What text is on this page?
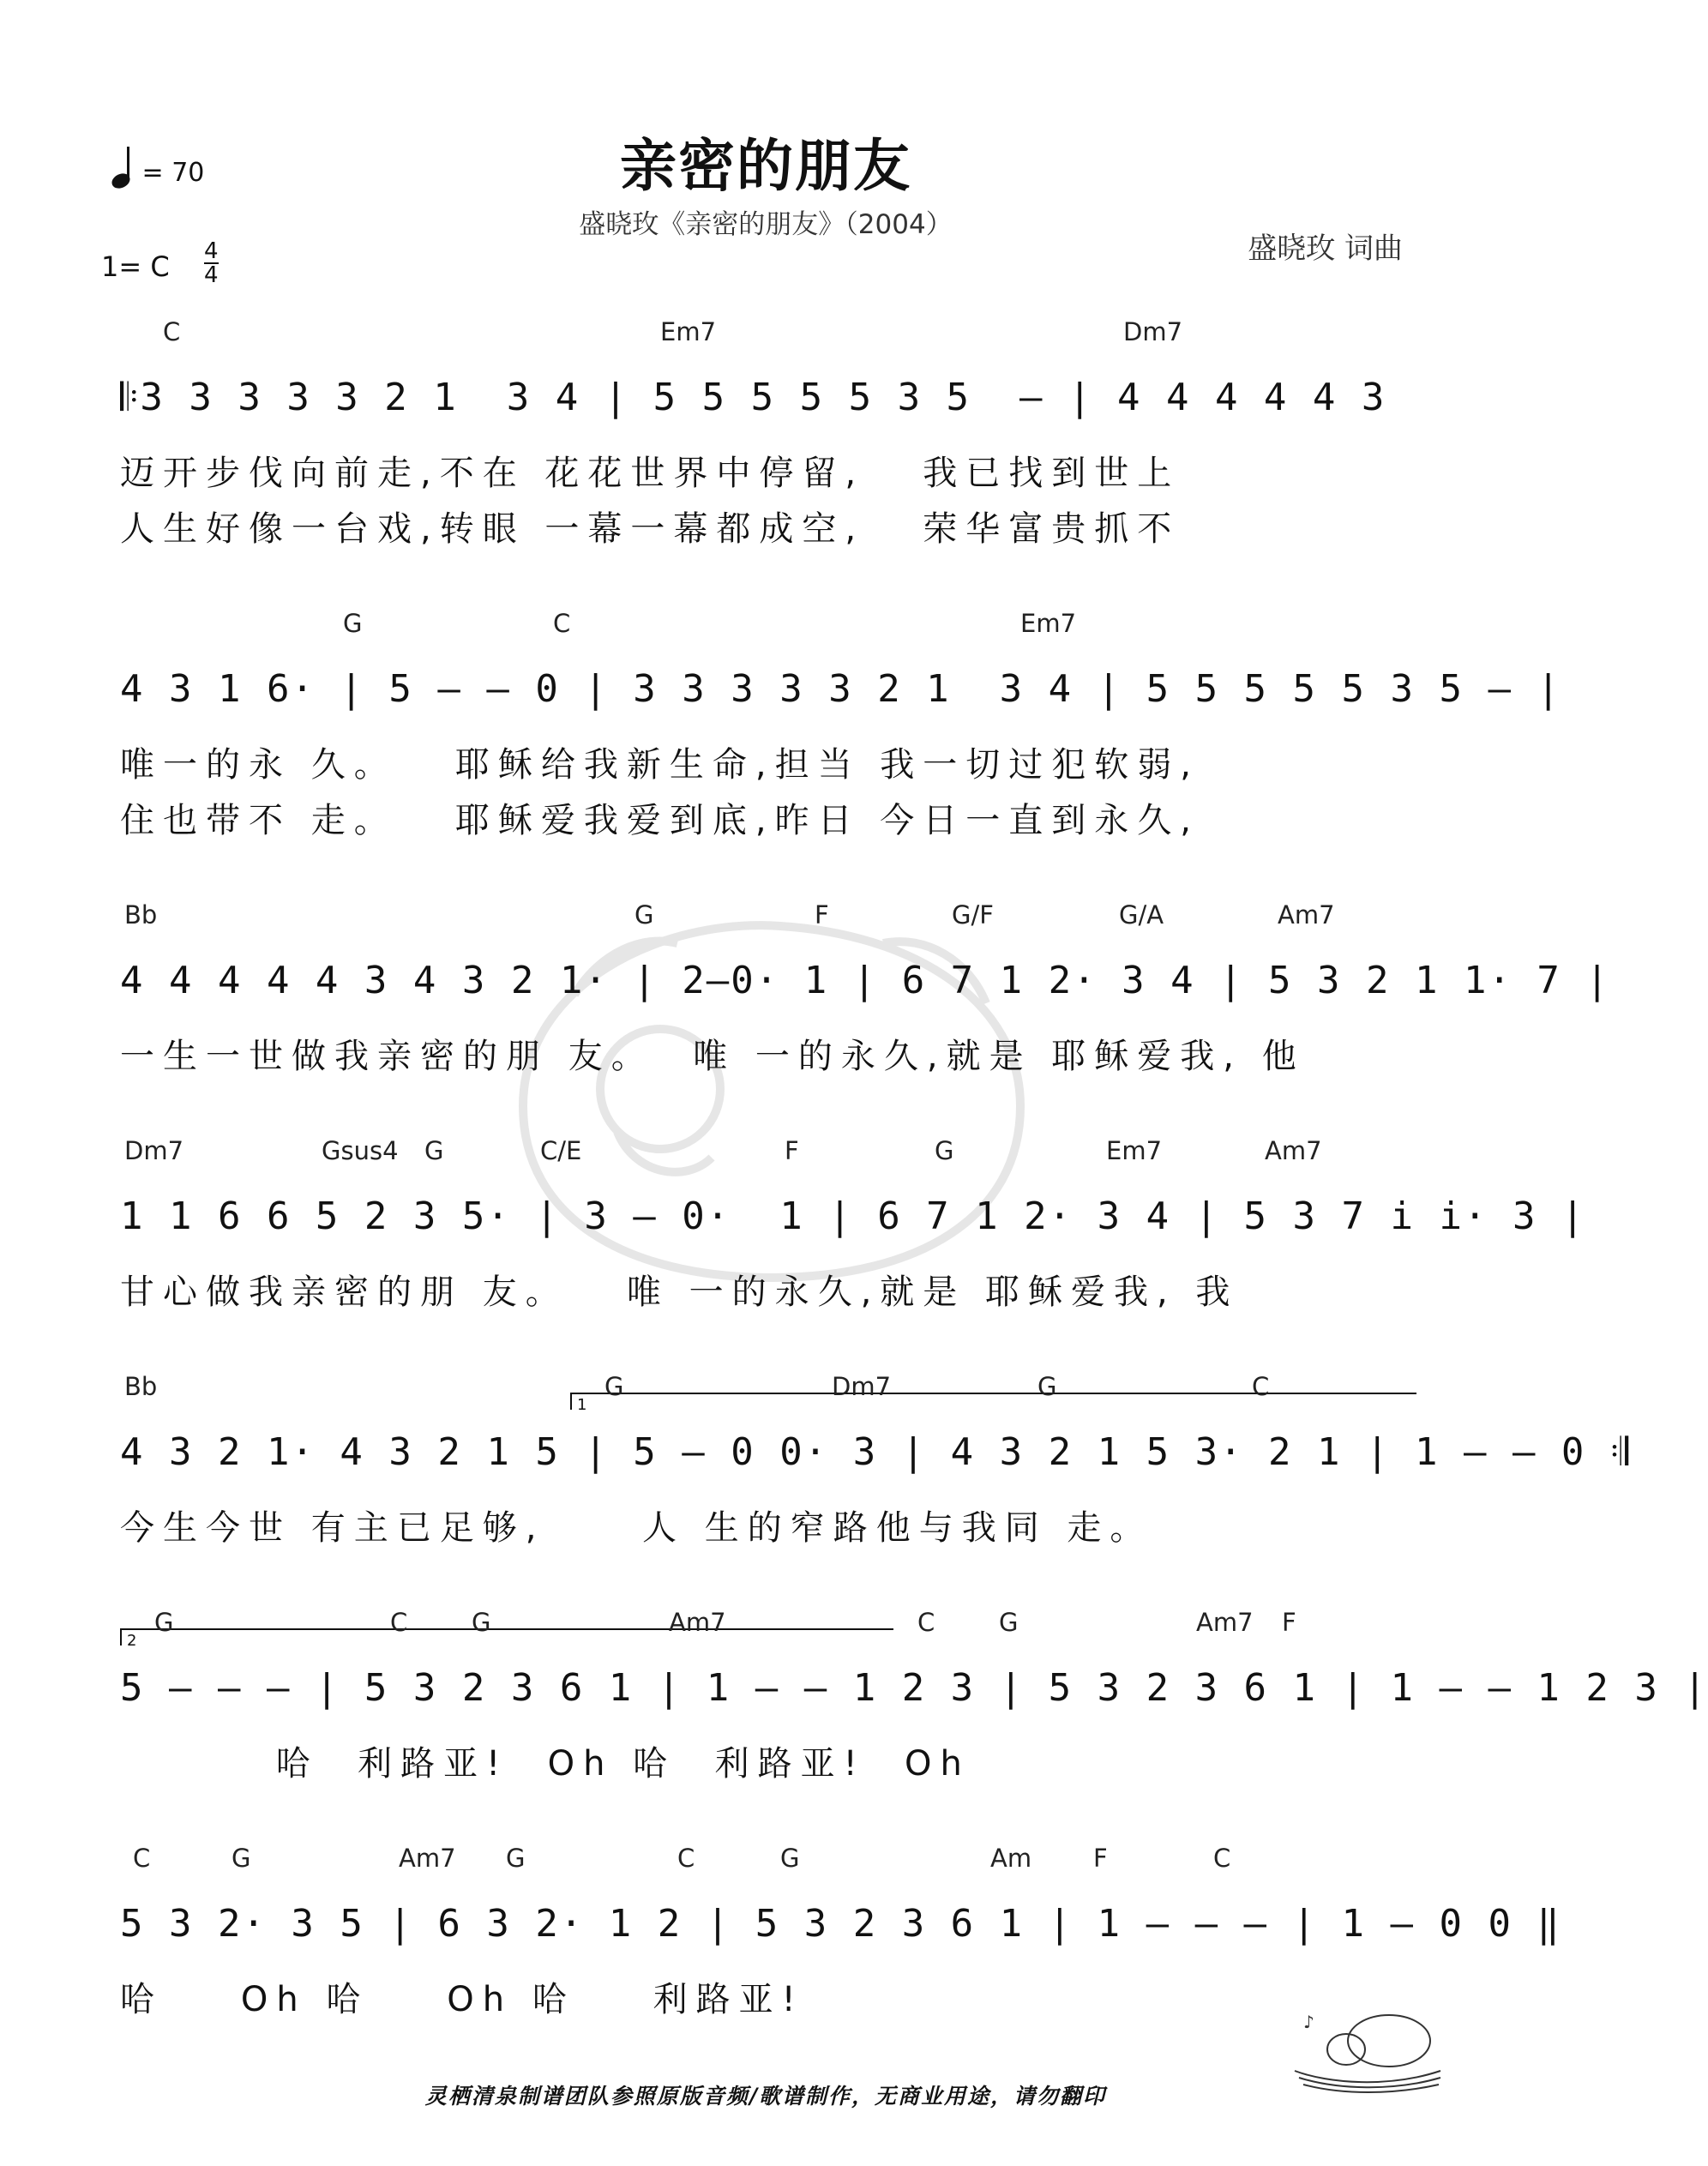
= 70	亲密的朋友
盛晓玫《亲密的朋友》（2004）
盛晓玫 词曲
1= C 4
4
C	Em7	Dm7
𝄆3 3 3 3 3 2 1  3 4 | 5 5 5 5 5 3 5  – | 4 4 4 4 4 3
迈开步伐向前走,不在 花花世界中停留,   我已找到世上
人生好像一台戏,转眼 一幕一幕都成空,   荣华富贵抓不
G	C	Em7
4 3 1 6· | 5 – – 0 | 3 3 3 3 3 2 1  3 4 | 5 5 5 5 5 3 5 – |
唯一的永 久。   耶稣给我新生命,担当 我一切过犯软弱,
住也带不 走。   耶稣爱我爱到底,昨日 今日一直到永久,
Bb	G	F	G/F	G/A	Am7
4 4 4 4 4 3 4 3 2 1· | 2–0· 1 | 6 7 1 2· 3 4 | 5 3 2 1 1· 7 |
一生一世做我亲密的朋 友。  唯 一的永久,就是 耶稣爱我, 他
Dm7	Gsus4 G	C/E	F	G	Em7	Am7
1 1 6 6 5 2 3 5· | 3 – 0·  1 | 6 7 1 2· 3 4 | 5 3 7 i i· 3 |
甘心做我亲密的朋 友。   唯 一的永久,就是 耶稣爱我, 我
1
Bb	G	Dm7	G	C
4 3 2 1· 4 3 2 1 5 | 5 – 0 0· 3 | 4 3 2 1 5 3· 2 1 | 1 – – 0 𝄇
今生今世 有主已足够,     人 生的窄路他与我同 走。
2
G	C	G	Am7	C	G	Am7 F
5 – – – | 5 3 2 3 6 1 | 1 – – 1 2 3 | 5 3 2 3 6 1 | 1 – – 1 2 3 |
哈  利路亚!  Oh 哈  利路亚!  Oh
C	G	Am7 G	C	G	Am F	C
5 3 2· 3 5 | 6 3 2· 1 2 | 5 3 2 3 6 1 | 1 – – – | 1 – 0 0 ‖
哈    Oh 哈    Oh 哈    利路亚!
灵栖清泉制谱团队参照原版音频/歌谱制作，无商业用途，请勿翻印
♪
